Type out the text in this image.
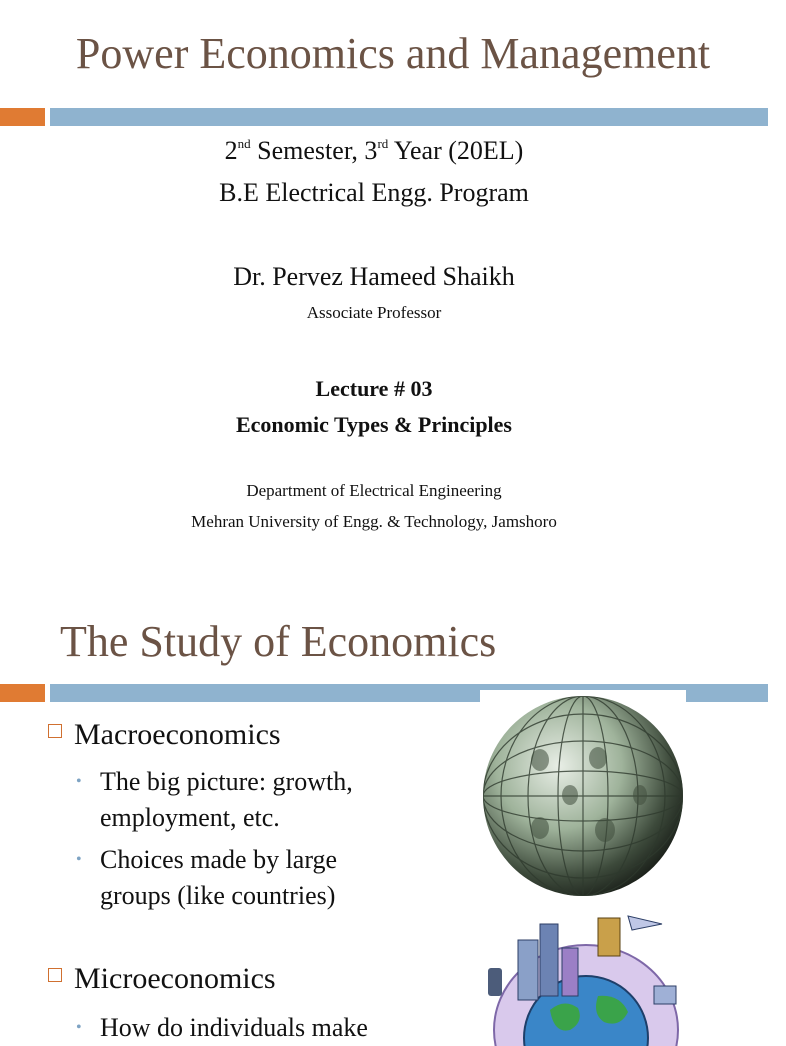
Power Economics and Management
2nd Semester, 3rd Year (20EL)
B.E Electrical Engg. Program
Dr. Pervez Hameed Shaikh
Associate Professor
Lecture # 03
Economic Types & Principles
Department of Electrical Engineering
Mehran University of Engg. & Technology, Jamshoro
The Study of Economics
Macroeconomics
• The big picture: growth,
employment, etc.
• Choices made by large
groups (like countries)
Microeconomics
• How do individuals make
